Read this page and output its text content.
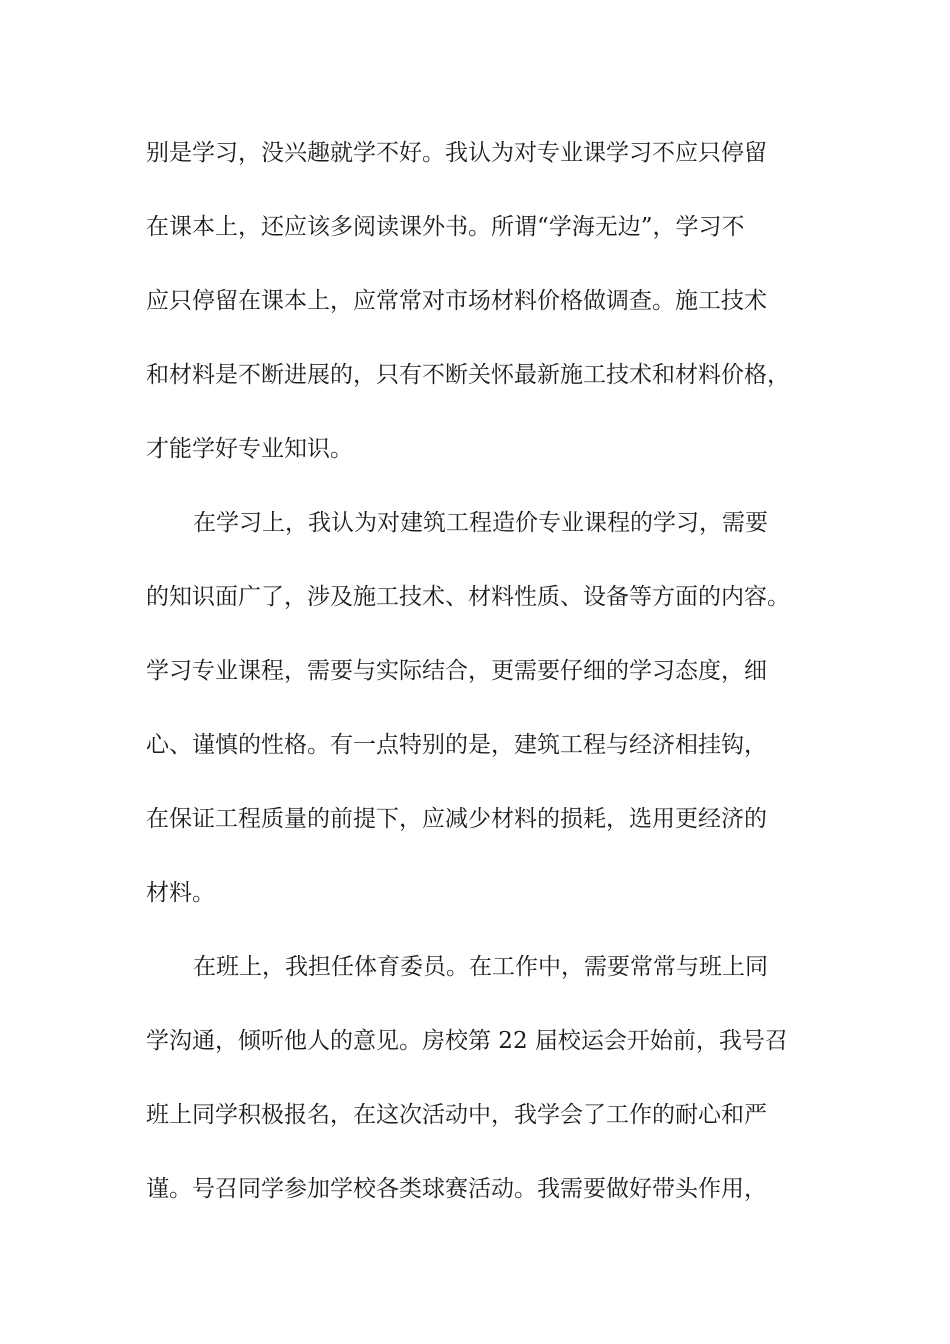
别是学习，没兴趣就学不好。我认为对专业课学习不应只停留
在课本上，还应该多阅读课外书。所谓“学海无边”，学习不
应只停留在课本上，应常常对市场材料价格做调查。施工技术
和材料是不断进展的，只有不断关怀最新施工技术和材料价格，
才能学好专业知识。
在学习上，我认为对建筑工程造价专业课程的学习，需要
的知识面广了，涉及施工技术、材料性质、设备等方面的内容。
学习专业课程，需要与实际结合，更需要仔细的学习态度，细
心、谨慎的性格。有一点特别的是，建筑工程与经济相挂钩，
在保证工程质量的前提下，应减少材料的损耗，选用更经济的
材料。
在班上，我担任体育委员。在工作中，需要常常与班上同
学沟通，倾听他人的意见。房校第 22 届校运会开始前，我号召
班上同学积极报名，在这次活动中，我学会了工作的耐心和严
谨。号召同学参加学校各类球赛活动。我需要做好带头作用，
